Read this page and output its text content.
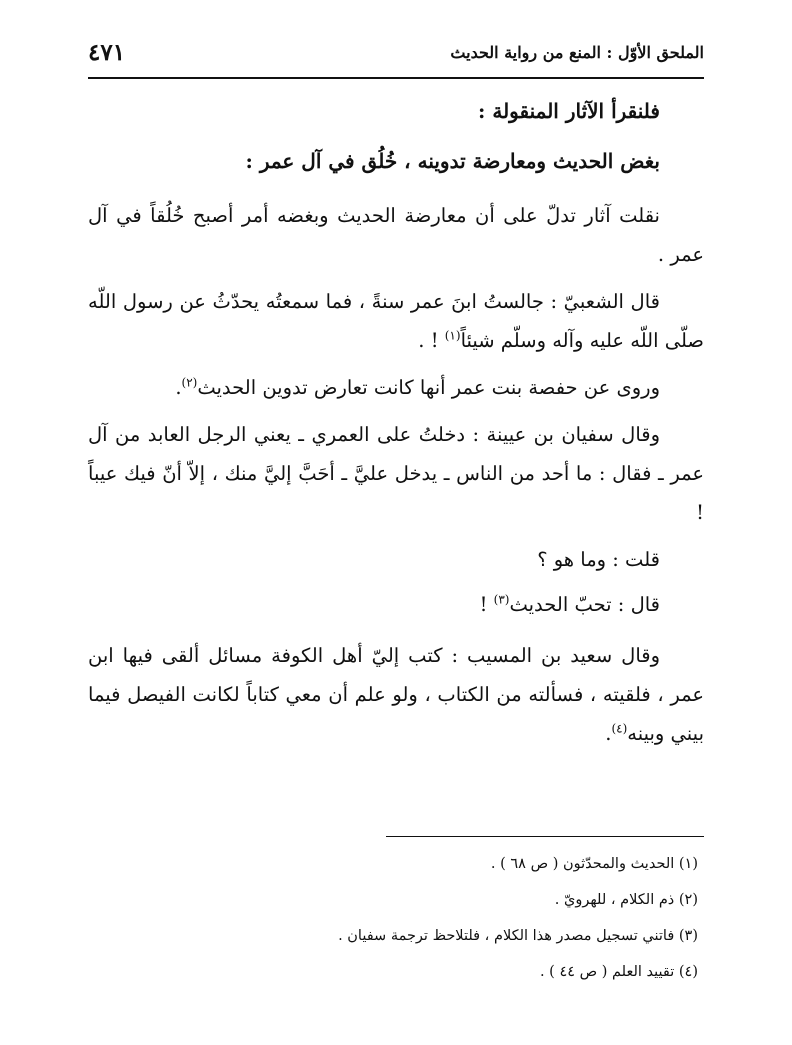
٤٧١	الملحق الأوّل : المنع من رواية الحديث
فلنقرأ الآثار المنقولة :
بغض الحديث ومعارضة تدوينه ، خُلُق في آل عمر :

نقلت آثار تدلّ على أن معارضة الحديث وبغضه أمر أصبح خُلُقاً في آل عمر .

قال الشعبيّ : جالستُ ابنَ عمر سنةً ، فما سمعتُه يحدّثُ عن رسول اللّه صلّى اللّه عليه وآله وسلّم شيئاً$^{(١)}$ ! .

وروى عن حفصة بنت عمر أنها كانت تعارض تدوين الحديث$^{(٢)}$.

وقال سفيان بن عيينة : دخلتُ على العمري ـ يعني الرجل العابد من آل عمر ـ فقال : ما أحد من الناس ـ يدخل عليَّ ـ أحَبَّ إليَّ منك ، إلاّ أنّ فيك عيباً !

قلت : وما هو ؟

قال : تحبّ الحديث$^{(٣)}$ !

وقال سعيد بن المسيب : كتب إليّ أهل الكوفة مسائل ألقى فيها ابن عمر ، فلقيته ، فسألته من الكتاب ، ولو علم أن معي كتاباً لكانت الفيصل فيما بيني وبينه$^{(٤)}$.

(١) الحديث والمحدّثون ( ص ٦٨ ) .
(٢) ذم الكلام ، للهرويّ .
(٣) فاتني تسجيل مصدر هذا الكلام ، فلتلاحظ ترجمة سفيان .
(٤) تقييد العلم ( ص ٤٤ ) .
